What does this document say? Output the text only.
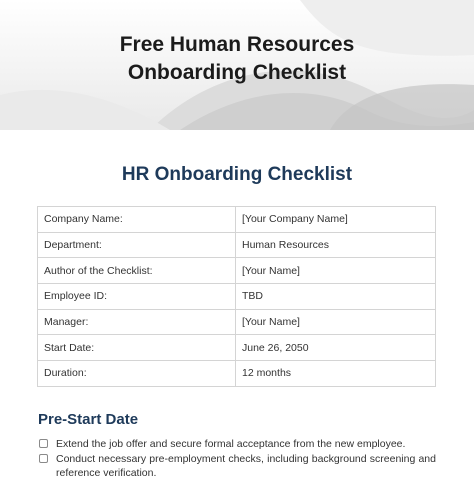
Free Human Resources
Onboarding Checklist
HR Onboarding Checklist
Company Name:	[Your Company Name]
Department:	Human Resources
Author of the Checklist:	[Your Name]
Employee ID:	TBD
Manager:	[Your Name]
Start Date:	June 26, 2050
Duration:	12 months
Pre-Start Date
Extend the job offer and secure formal acceptance from the new employee.
Conduct necessary pre-employment checks, including background screening and reference verification.
